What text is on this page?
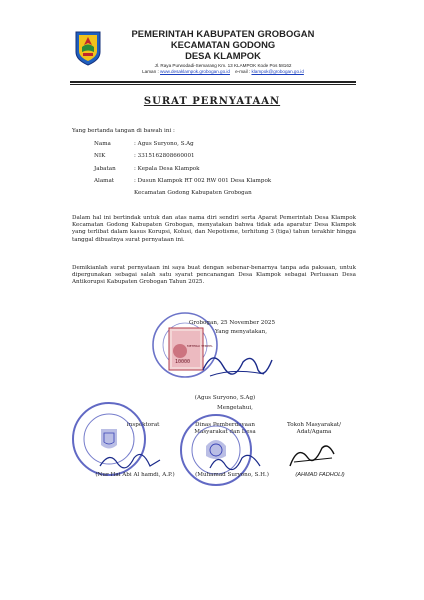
PEMERINTAH KABUPATEN GROBOGAN
KECAMATAN GODONG
DESA KLAMPOK
Jl. Raya Purwodadi-Semarang Km. 13 KLAMPOK Kode Pos 58162
Laman : www.desaklampok.grobogan.go.id e-mail : klampok@grobogan.go.id
SURAT PERNYATAAN
Yang bertanda tangan di bawah ini :
Nama	: Agus Suryono, S.Ag
NIK	: 3315162808660001
Jabatan	: Kepala Desa Klampok
Alamat	: Dusun Klampok RT 002 RW 001 Desa Klampok
Kecamatan Godong Kabupaten Grobogan
Dalam hal ini bertindak untuk dan atas nama diri sendiri serta Aparat Pemerintah Desa Klampok Kecamatan Godong Kabupaten Grobogan, menyatakan bahwa tidak ada aparatur Desa Klampok yang terlibat dalam kasus Korupsi, Kolusi, dan Nepotisme, terhitung 3 (tiga) tahun terakhir hingga tanggal dibuatnya surat pernyataan ini.
Demikianlah surat pernyataan ini saya buat dengan sebenar-benarnya tanpa ada paksaan, untuk dipergunakan sebagai salah satu syarat pencanangan Desa Klampok sebagai Perluasan Desa Antikorupsi Kabupaten Grobogan Tahun 2025.
Grobogan, 25 November 2025
Yang menyatakan,
10000
METERAI TEMPEL
(Agus Suryono, S.Ag)
Mengetahui,
Inspektorat	Dinas Pemberdayaan
Masyarakat dan Desa
Tokoh Masyarakat/
Adat/Agama
(Nur Hai Abi Al hamdi, A.P.)	(Muhamad Suryono, S.H.)	(AHMAD FADHOLI)
